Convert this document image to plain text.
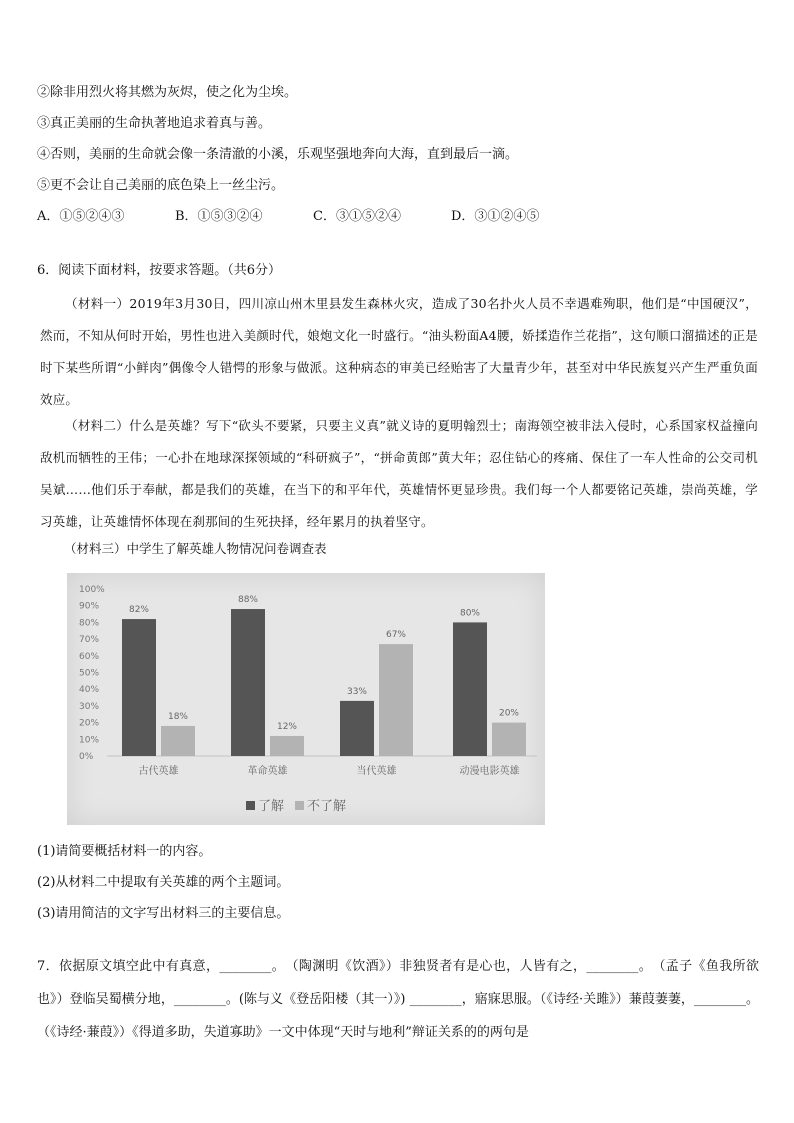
②除非用烈火将其燃为灰烬，使之化为尘埃。
③真正美丽的生命执著地追求着真与善。
④否则，美丽的生命就会像一条清澈的小溪，乐观坚强地奔向大海，直到最后一滴。
⑤更不会让自己美丽的底色染上一丝尘污。
A．①⑤②④③	B．①⑤③②④	C．③①⑤②④	D．③①②④⑤
6．阅读下面材料，按要求答题。（共6分）
（材料一）2019年3月30日，四川凉山州木里县发生森林火灾，造成了30名扑火人员不幸遇难殉职，他们是“中国硬汉”，然而，不知从何时开始，男性也进入美颜时代，娘炮文化一时盛行。“油头粉面A4腰，娇揉造作兰花指”，这句顺口溜描述的正是时下某些所谓“小鲜肉”偶像令人错愕的形象与做派。这种病态的审美已经贻害了大量青少年，甚至对中华民族复兴产生严重负面效应。
（材料二）什么是英雄？写下“砍头不要紧，只要主义真”就义诗的夏明翰烈士；南海领空被非法入侵时，心系国家权益撞向敌机而牺牲的王伟；一心扑在地球深探领域的“科研疯子”，“拼命黄郎”黄大年；忍住钻心的疼痛、保住了一车人性命的公交司机吴斌……他们乐于奉献，都是我们的英雄，在当下的和平年代，英雄情怀更显珍贵。我们每一个人都要铭记英雄，崇尚英雄，学习英雄，让英雄情怀体现在刹那间的生死抉择，经年累月的执着坚守。
（材料三）中学生了解英雄人物情况问卷调查表
100%
90%
80%
70%
60%
50%
40%
30%
20%
10%
0%
82%
18%
古代英雄
88%
12%
革命英雄
33%
67%
当代英雄
80%
20%
动漫电影英雄
了解 不了解
(1)请简要概括材料一的内容。
(2)从材料二中提取有关英雄的两个主题词。
(3)请用简洁的文字写出材料三的主要信息。
7．依据原文填空此中有真意，________。　（陶渊明《饮酒》）非独贤者有是心也，人皆有之，________。　（孟子《鱼我所欲也》）登临吴蜀横分地，________。(陈与义《登岳阳楼（其一）》) ________，寤寐思服。（《诗经·关雎》）蒹葭萋萋，________。（《诗经·蒹葭》）《得道多助，失道寡助》一文中体现“天时与地利”辩证关系的的两句是
